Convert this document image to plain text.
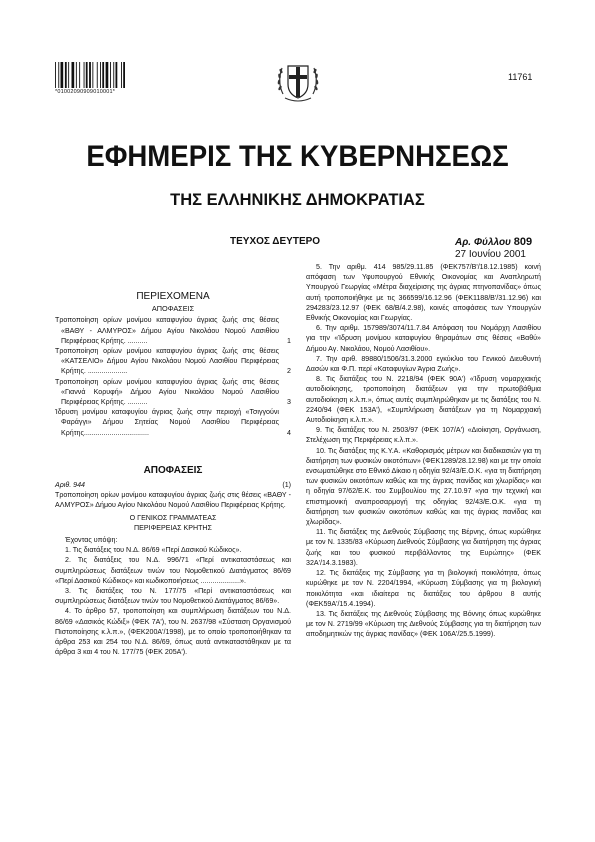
*01002090909010001*
11761
ΕΦΗΜΕΡΙΣ ΤΗΣ ΚΥΒΕΡΝΗΣΕΩΣ
ΤΗΣ ΕΛΛΗΝΙΚΗΣ ΔΗΜΟΚΡΑΤΙΑΣ
ΤΕΥΧΟΣ ΔΕΥΤΕΡΟ	Αρ. Φύλλου 809
27 Ιουνίου 2001
ΠΕΡΙΕΧΟΜΕΝΑ
ΑΠΟΦΑΣΕΙΣ
Τροποποίηση ορίων μονίμου καταφυγίου άγριας ζωής στις θέσεις «ΒΑΘΥ - ΑΛΜΥΡΟΣ» Δήμου Αγίου Νικολάου Νομού Λασιθίου Περιφέρειας Κρήτης. ..........	1
Τροποποίηση ορίων μονίμου καταφυγίου άγριας ζωής στις θέσεις «ΚΑΤΣΕΛΙΟ» Δήμου Αγίου Νικολάου Νομού Λασιθίου Περιφέρειας Κρήτης. ....................	2
Τροποποίηση ορίων μονίμου καταφυγίου άγριας ζωής στις θέσεις «Γιαννά Κορυφή» Δήμου Αγίου Νικολάου Νομού Λασιθίου Περιφέρειας Κρήτης. ..........	3
Ίδρυση μονίμου καταφυγίου άγριας ζωής στην περιοχή «Τσιγγούνι Φαράγγι» Δήμου Σητείας Νομού Λασιθίου Περιφέρειας Κρήτης.................................	4
ΑΠΟΦΑΣΕΙΣ
Αριθ. 944	(1)
Τροποποίηση ορίων μονίμου καταφυγίου άγριας ζωής στις θέσεις «ΒΑΘΥ - ΑΛΜΥΡΟΣ» Δήμου Αγίου Νικολάου Νομού Λασιθίου Περιφέρειας Κρήτης.
Ο ΓΕΝΙΚΟΣ ΓΡΑΜΜΑΤΕΑΣ
ΠΕΡΙΦΕΡΕΙΑΣ ΚΡΗΤΗΣ
Έχοντας υπόψη:
1. Τις διατάξεις του Ν.Δ. 86/69 «Περί Δασικού Κώδικος».
2. Τις διατάξεις του Ν.Δ. 996/71 «Περί αντικαταστάσεως και συμπληρώσεως διατάξεων τινών του Νομοθετικού Διατάγματος 86/69 «Περί Δασικού Κώδικος» και κωδικοποιήσεως ....................».
3. Τις διατάξεις του Ν. 177/75 «Περί αντικαταστάσεως και συμπληρώσεως διατάξεων τινών του Νομοθετικού Διατάγματος 86/69».
4. Το άρθρο 57, τροποποίηση και συμπλήρωση διατάξεων του Ν.Δ. 86/69 «Δασικός Κώδιξ» (ΦΕΚ 7Α'), του Ν. 2637/98 «Σύσταση Οργανισμού Πιστοποίησης κ.λ.π.», (ΦΕΚ200Α'/1998), με το οποίο τροποποιήθηκαν τα άρθρα 253 και 254 του Ν.Δ. 86/69, όπως αυτά αντικαταστάθηκαν με τα άρθρα 3 και 4 του Ν. 177/75 (ΦΕΚ 205Α').
5. Την αριθμ. 414 985/29.11.85 (ΦΕΚ757/Β'/18.12.1985) κοινή απόφαση των Υφυπουργού Εθνικής Οικονομίας και Αναπληρωτή Υπουργού Γεωργίας «Μέτρα διαχείρισης της άγριας πτηνοπανίδας» όπως αυτή τροποποιήθηκε με τις 366599/16.12.96 (ΦΕΚ1188/Β'/31.12.96) και 294283/23.12.97 (ΦΕΚ 68/Β/4.2.98), κοινές αποφάσεις των Υπουργών Εθνικής Οικονομίας και Γεωργίας.
6. Την αριθμ. 157989/3074/11.7.84 Απόφαση του Νομάρχη Λασιθίου για την «Ίδρυση μονίμου καταφυγίου θηραμάτων στις θέσεις «Βαθύ» Δήμου Αγ. Νικολάου, Νομού Λασιθίου».
7. Την αριθ. 89880/1506/31.3.2000 εγκύκλιο του Γενικού Διευθυντή Δασών και Φ.Π. περί «Καταφυγίων Άγρια Ζωής».
8. Τις διατάξεις του Ν. 2218/94 (ΦΕΚ 90Α') «Ίδρυση νομαρχιακής αυτοδιοίκησης, τροποποίηση διατάξεων για την πρωτοβάθμια αυτοδιοίκηση κ.λ.π.», όπως αυτές συμπληρώθηκαν με τις διατάξεις του Ν. 2240/94 (ΦΕΚ 153Α'), «Συμπλήρωση διατάξεων για τη Νομαρχιακή Αυτοδιοίκηση κ.λ.π.».
9. Τις διατάξεις του Ν. 2503/97 (ΦΕΚ 107/Α') «Διοίκηση, Οργάνωση, Στελέχωση της Περιφέρειας κ.λ.π.».
10. Τις διατάξεις της Κ.Υ.Α. «Καθορισμός μέτρων και διαδικασιών για τη διατήρηση των φυσικών οικοτόπων» (ΦΕΚ1289/28.12.98) και με την οποία ενσωματώθηκε στο Εθνικό Δίκαιο η οδηγία 92/43/Ε.Ο.Κ. «για τη διατήρηση των φυσικών οικοτόπων καθώς και της άγριας πανίδας και χλωρίδας» και η οδηγία 97/62/Ε.Κ. του Συμβουλίου της 27.10.97 «για την τεχνική και επιστημονική αναπροσαρμογή της οδηγίας 92/43/Ε.Ο.Κ. «για τη διατήρηση των φυσικών οικοτόπων καθώς και της άγριας πανίδας και χλωρίδας».
11. Τις διατάξεις της Διεθνούς Σύμβασης της Βέρνης, όπως κυρώθηκε με τον Ν. 1335/83 «Κύρωση Διεθνούς Σύμβασης για διατήρηση της άγριας ζωής και του φυσικού περιβάλλοντος της Ευρώπης» (ΦΕΚ 32Α'/14.3.1983).
12. Τις διατάξεις της Σύμβασης για τη βιολογική ποικιλότητα, όπως κυρώθηκε με τον Ν. 2204/1994, «Κύρωση Σύμβασης για τη βιολογική ποικιλότητα «και ιδιαίτερα τις διατάξεις του άρθρου 8 αυτής (ΦΕΚ59Α'/15.4.1994).
13. Τις διατάξεις της Διεθνούς Σύμβασης της Βόννης όπως κυρώθηκε με τον Ν. 2719/99 «Κύρωση της Διεθνούς Σύμβασης για τη διατήρηση των αποδημητικών της άγριας πανίδας» (ΦΕΚ 106Α'/25.5.1999).
